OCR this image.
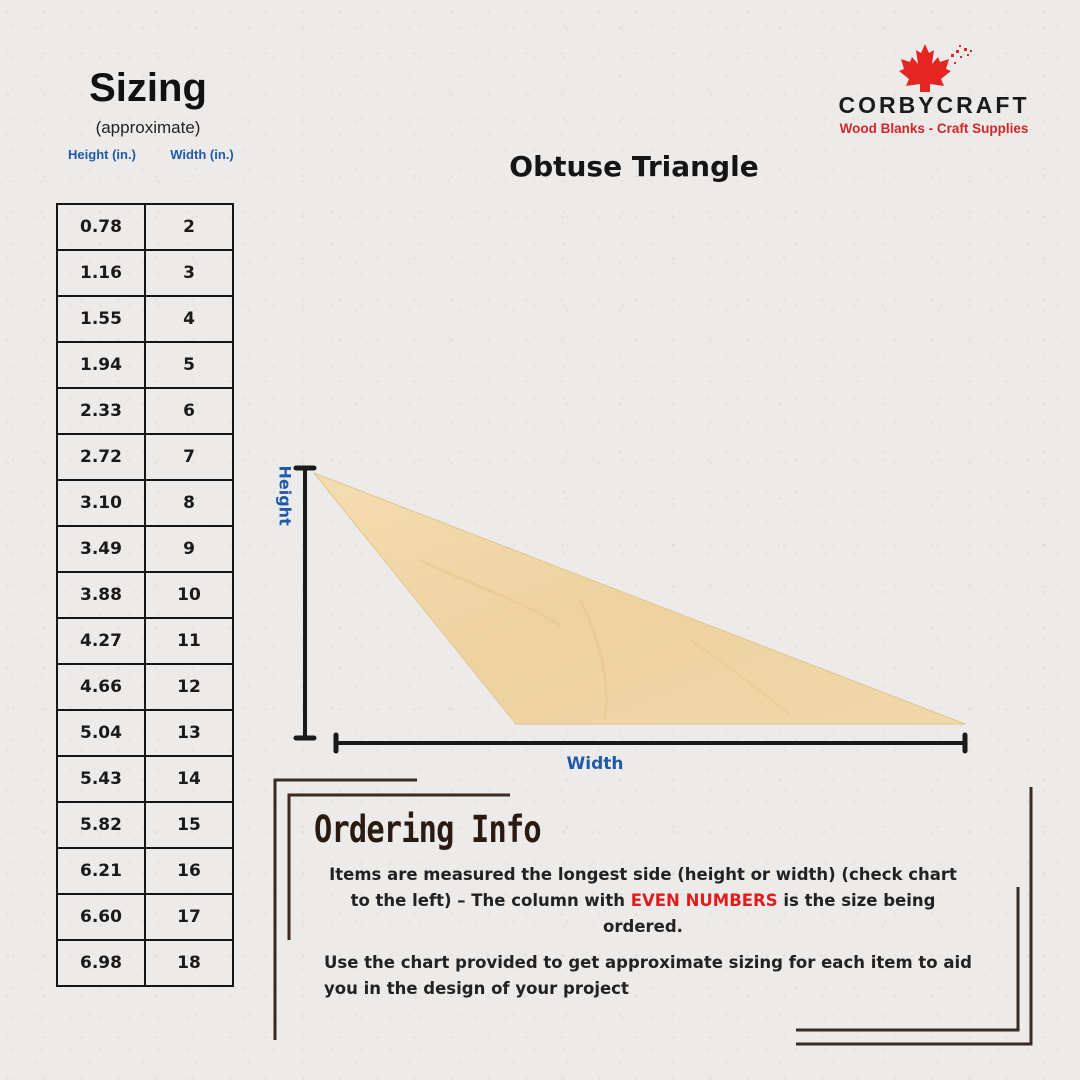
Sizing
(approximate)
Height (in.)	Width (in.)
0.78	2
1.16	3
1.55	4
1.94	5
2.33	6
2.72	7
3.10	8
3.49	9
3.88	10
4.27	11
4.66	12
5.04	13
5.43	14
5.82	15
6.21	16
6.60	17
6.98	18
CORBYCRAFT
Wood Blanks - Craft Supplies
Obtuse Triangle
Height
Width
Ordering Info
Items are measured the longest side (height or width) (check chart to the left) – The column with EVEN NUMBERS is the size being ordered.
Use the chart provided to get approximate sizing for each item to aid you in the design of your project
